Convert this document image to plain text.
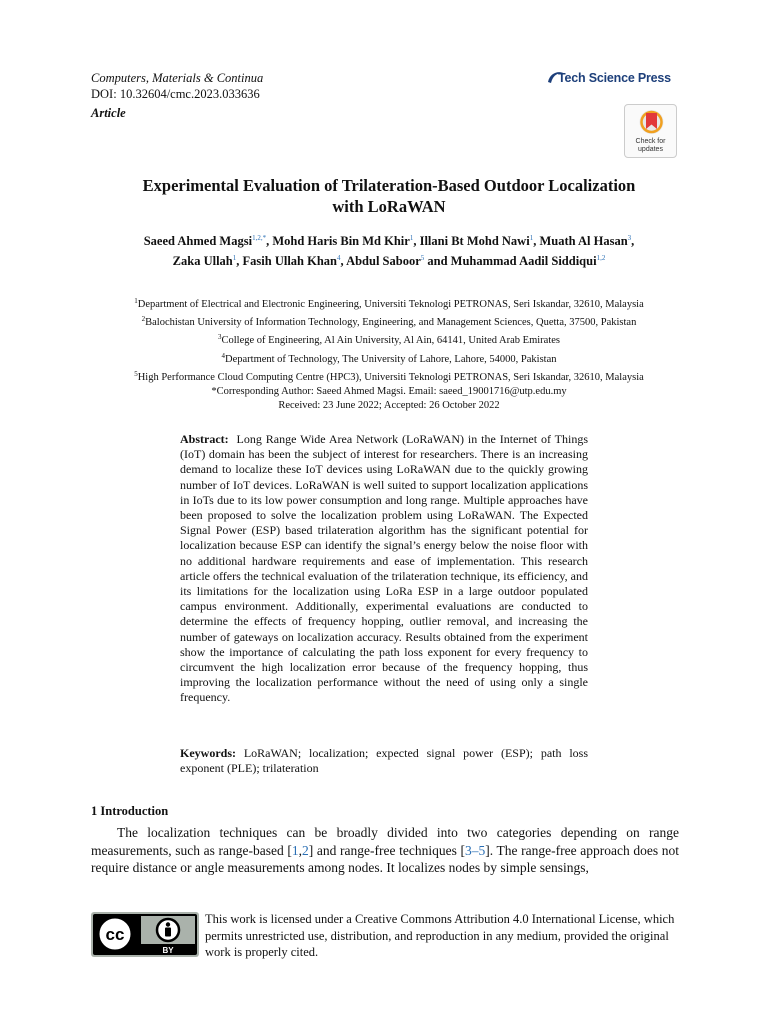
Computers, Materials & Continua
DOI: 10.32604/cmc.2023.033636
Article
Tech Science Press
Check for
updates
Experimental Evaluation of Trilateration-Based Outdoor Localization
with LoRaWAN
Saeed Ahmed Magsi$^{1,2,*}$, Mohd Haris Bin Md Khir$^1$, Illani Bt Mohd Nawi$^1$, Muath Al Hasan$^3$,
Zaka Ullah$^1$, Fasih Ullah Khan$^4$, Abdul Saboor$^5$ and Muhammad Aadil Siddiqui$^{1,2}$
$^1$Department of Electrical and Electronic Engineering, Universiti Teknologi PETRONAS, Seri Iskandar, 32610, Malaysia
$^2$Balochistan University of Information Technology, Engineering, and Management Sciences, Quetta, 37500, Pakistan
$^3$College of Engineering, Al Ain University, Al Ain, 64141, United Arab Emirates
$^4$Department of Technology, The University of Lahore, Lahore, 54000, Pakistan
$^5$High Performance Cloud Computing Centre (HPC3), Universiti Teknologi PETRONAS, Seri Iskandar, 32610, Malaysia
*Corresponding Author: Saeed Ahmed Magsi. Email: saeed_19001716@utp.edu.my
Received: 23 June 2022; Accepted: 26 October 2022
Abstract: Long Range Wide Area Network (LoRaWAN) in the Internet of Things (IoT) domain has been the subject of interest for researchers. There is an increasing demand to localize these IoT devices using LoRaWAN due to the quickly growing number of IoT devices. LoRaWAN is well suited to support localization applications in IoTs due to its low power consumption and long range. Multiple approaches have been proposed to solve the localization problem using LoRaWAN. The Expected Signal Power (ESP) based trilateration algorithm has the significant potential for localization because ESP can identify the signal’s energy below the noise floor with no additional hardware requirements and ease of implementation. This research article offers the technical evaluation of the trilateration technique, its efficiency, and its limitations for the localization using LoRa ESP in a large outdoor populated campus environment. Additionally, experimental evaluations are conducted to determine the effects of frequency hopping, outlier removal, and increasing the number of gateways on localization accuracy. Results obtained from the experiment show the importance of calculating the path loss exponent for every frequency to circumvent the high localization error because of the frequency hopping, thus improving the localization performance without the need of using only a single frequency.
Keywords: LoRaWAN; localization; expected signal power (ESP); path loss exponent (PLE); trilateration
1 Introduction

The localization techniques can be broadly divided into two categories depending on range measurements, such as range-based [1,2] and range-free techniques [3–5]. The range-free approach does not require distance or angle measurements among nodes. It localizes nodes by simple sensings,

cc
BY
This work is licensed under a Creative Commons Attribution 4.0 International License, which permits unrestricted use, distribution, and reproduction in any medium, provided the original work is properly cited.
